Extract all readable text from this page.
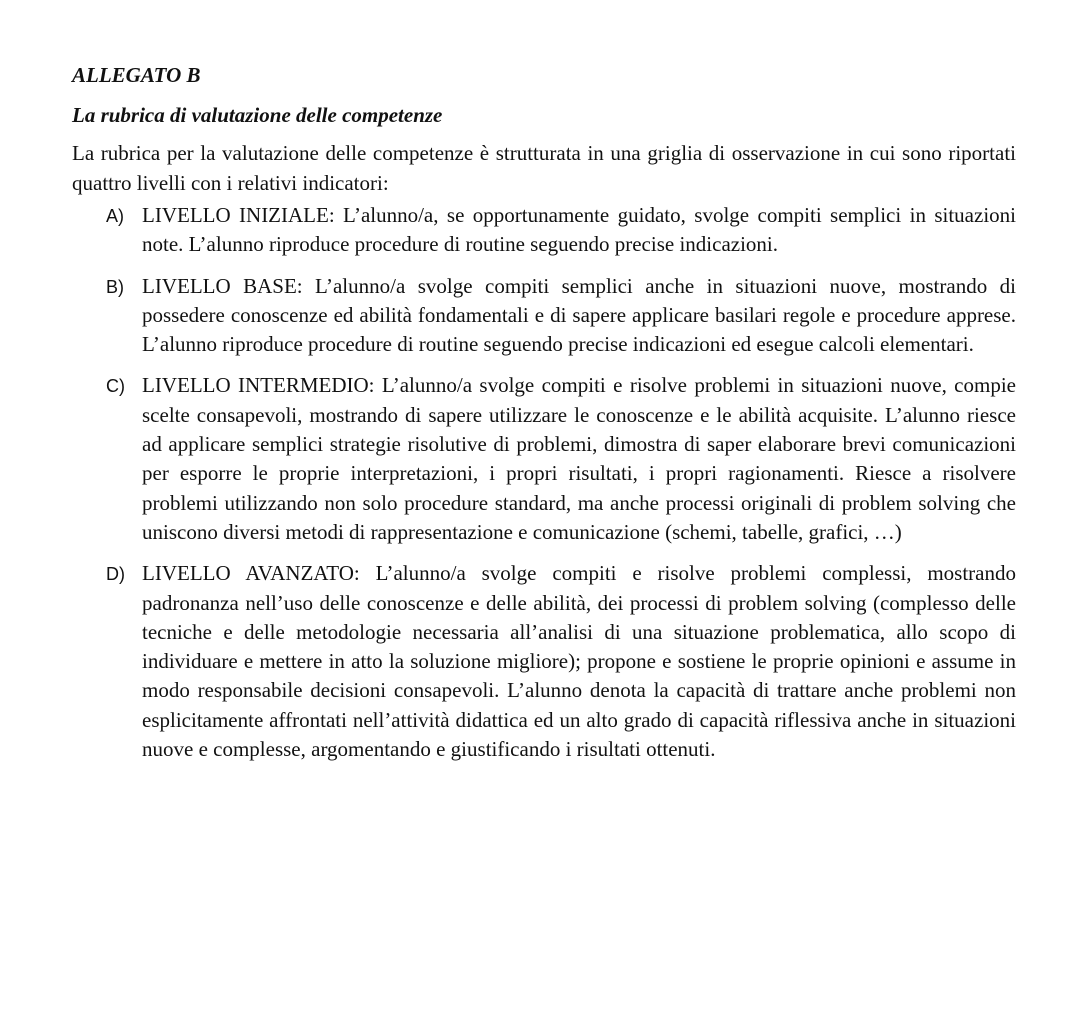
ALLEGATO B

La rubrica di valutazione delle competenze

La rubrica per la valutazione delle competenze è strutturata in una griglia di osservazione in cui sono riportati quattro livelli con i relativi indicatori:

A) LIVELLO INIZIALE: L’alunno/a, se opportunamente guidato, svolge compiti semplici in situazioni note. L’alunno riproduce procedure di routine seguendo precise indicazioni.

B) LIVELLO BASE: L’alunno/a svolge compiti semplici anche in situazioni nuove, mostrando di possedere conoscenze ed abilità fondamentali e di sapere applicare basilari regole e procedure apprese. L’alunno riproduce procedure di routine seguendo precise indicazioni ed esegue calcoli elementari.

C) LIVELLO INTERMEDIO: L’alunno/a svolge compiti e risolve problemi in situazioni nuove, compie scelte consapevoli, mostrando di sapere utilizzare le conoscenze e le abilità acquisite. L’alunno riesce ad applicare semplici strategie risolutive di problemi, dimostra di saper elaborare brevi comunicazioni per esporre le proprie interpretazioni, i propri risultati, i propri ragionamenti. Riesce a risolvere problemi utilizzando non solo procedure standard, ma anche processi originali di problem solving che uniscono diversi metodi di rappresentazione e comunicazione (schemi, tabelle, grafici, …)

D) LIVELLO AVANZATO: L’alunno/a svolge compiti e risolve problemi complessi, mostrando padronanza nell’uso delle conoscenze e delle abilità, dei processi di problem solving (complesso delle tecniche e delle metodologie necessaria all’analisi di una situazione problematica, allo scopo di individuare e mettere in atto la soluzione migliore); propone e sostiene le proprie opinioni e assume in modo responsabile decisioni consapevoli. L’alunno denota la capacità di trattare anche problemi non esplicitamente affrontati nell’attività didattica ed un alto grado di capacità riflessiva anche in situazioni nuove e complesse, argomentando e giustificando i risultati ottenuti.
